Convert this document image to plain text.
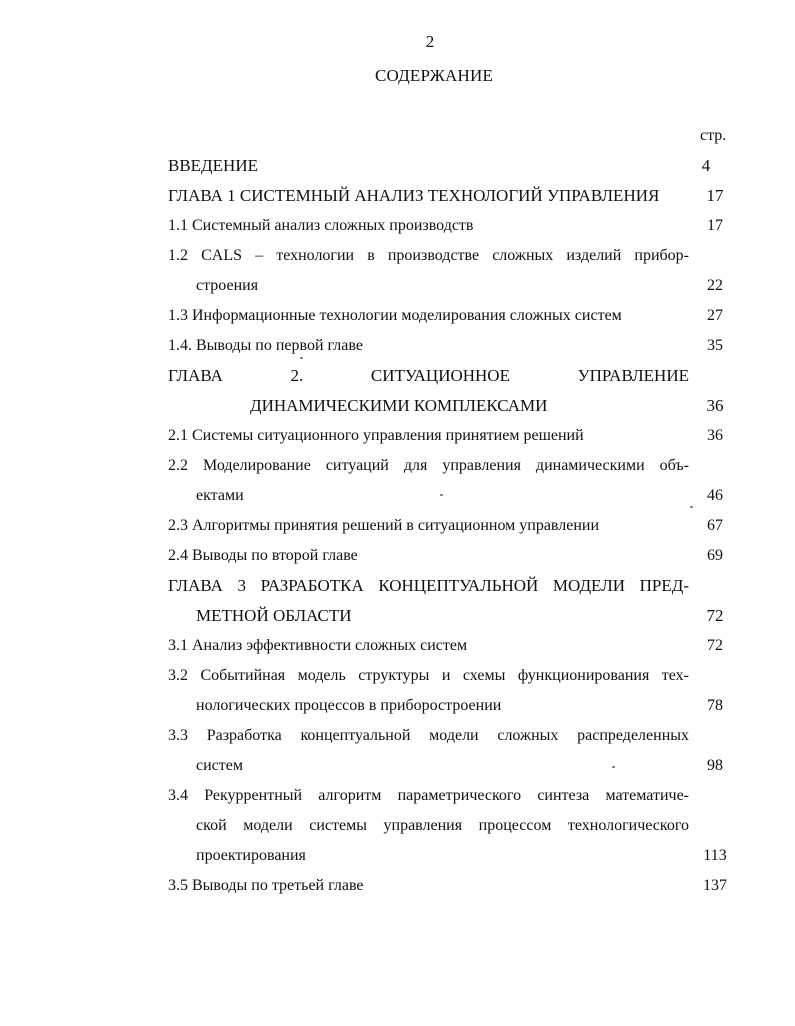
2
СОДЕРЖАНИЕ
стр.
ВВЕДЕНИЕ	4
ГЛАВА 1 СИСТЕМНЫЙ АНАЛИЗ ТЕХНОЛОГИЙ УПРАВЛЕНИЯ	17
1.1 Системный анализ сложных производств	17
1.2 CALS – технологии в производстве сложных изделий прибор-
строения	22
1.3 Информационные технологии моделирования сложных систем	27
1.4. Выводы по первой главе	35
ГЛАВА 2. СИТУАЦИОННОЕ УПРАВЛЕНИЕ
ДИНАМИЧЕСКИМИ КОМПЛЕКСАМИ	36
2.1 Системы ситуационного управления принятием решений	36
2.2 Моделирование ситуаций для управления динамическими объ-
ектами	46
2.3 Алгоритмы принятия решений в ситуационном управлении	67
2.4 Выводы по второй главе	69
ГЛАВА 3 РАЗРАБОТКА КОНЦЕПТУАЛЬНОЙ МОДЕЛИ ПРЕД-
МЕТНОЙ ОБЛАСТИ	72
3.1 Анализ эффективности сложных систем	72
3.2 Событийная модель структуры и схемы функционирования тех-
нологических процессов в приборостроении	78
3.3 Разработка концептуальной модели сложных распределенных
систем	98
3.4 Рекуррентный алгоритм параметрического синтеза математиче-
ской модели системы управления процессом технологического
проектирования	113
3.5 Выводы по третьей главе	137
